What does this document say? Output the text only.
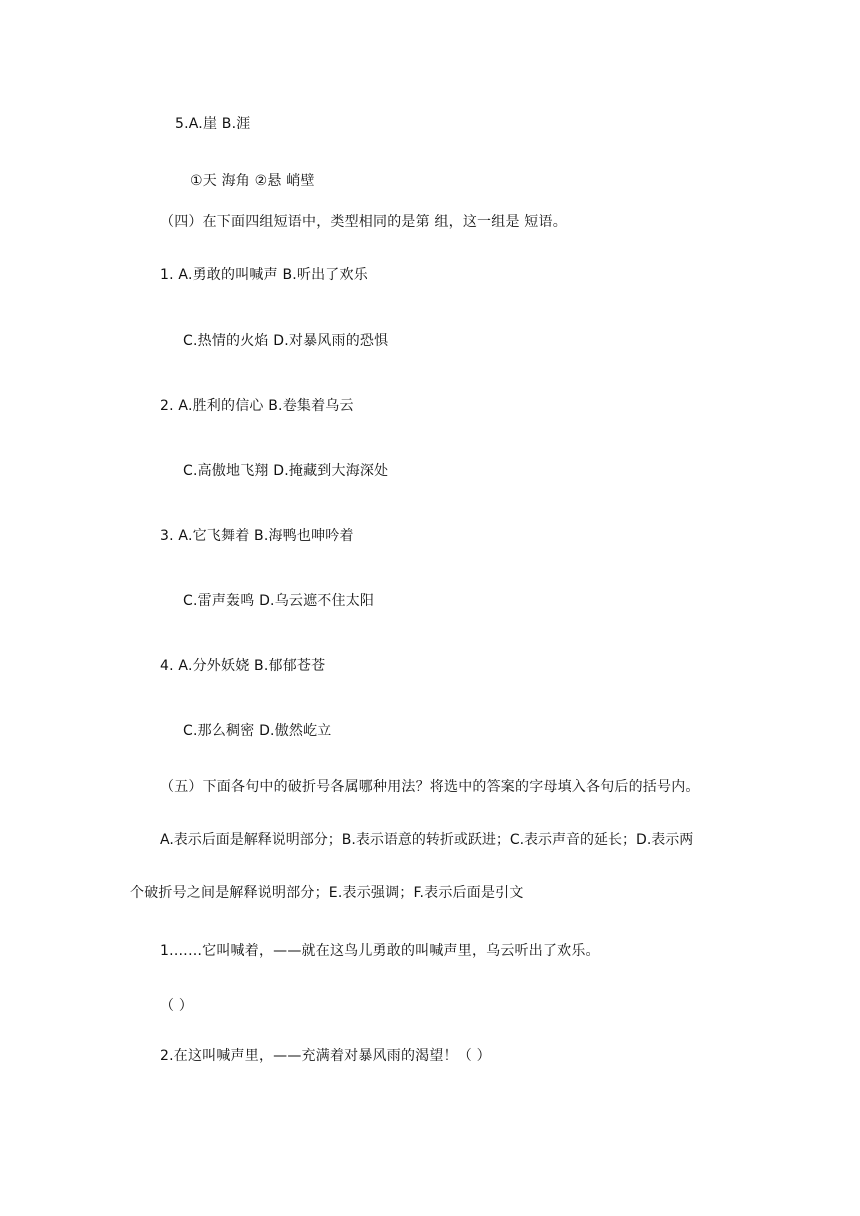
5.A.崖 B.涯
①天 海角 ②悬 峭壁
（四）在下面四组短语中，类型相同的是第 组，这一组是 短语。
1. A.勇敢的叫喊声 B.听出了欢乐
C.热情的火焰 D.对暴风雨的恐惧
2. A.胜利的信心 B.卷集着乌云
C.高傲地飞翔 D.掩藏到大海深处
3. A.它飞舞着 B.海鸭也呻吟着
C.雷声轰鸣 D.乌云遮不住太阳
4. A.分外妖娆 B.郁郁苍苍
C.那么稠密 D.傲然屹立
（五）下面各句中的破折号各属哪种用法？将选中的答案的字母填入各句后的括号内。
A.表示后面是解释说明部分；B.表示语意的转折或跃进；C.表示声音的延长；D.表示两
个破折号之间是解释说明部分；E.表示强调；F.表示后面是引文
1.……它叫喊着，——就在这鸟儿勇敢的叫喊声里，乌云听出了欢乐。
（ ）
2.在这叫喊声里，——充满着对暴风雨的渴望！（ ）
